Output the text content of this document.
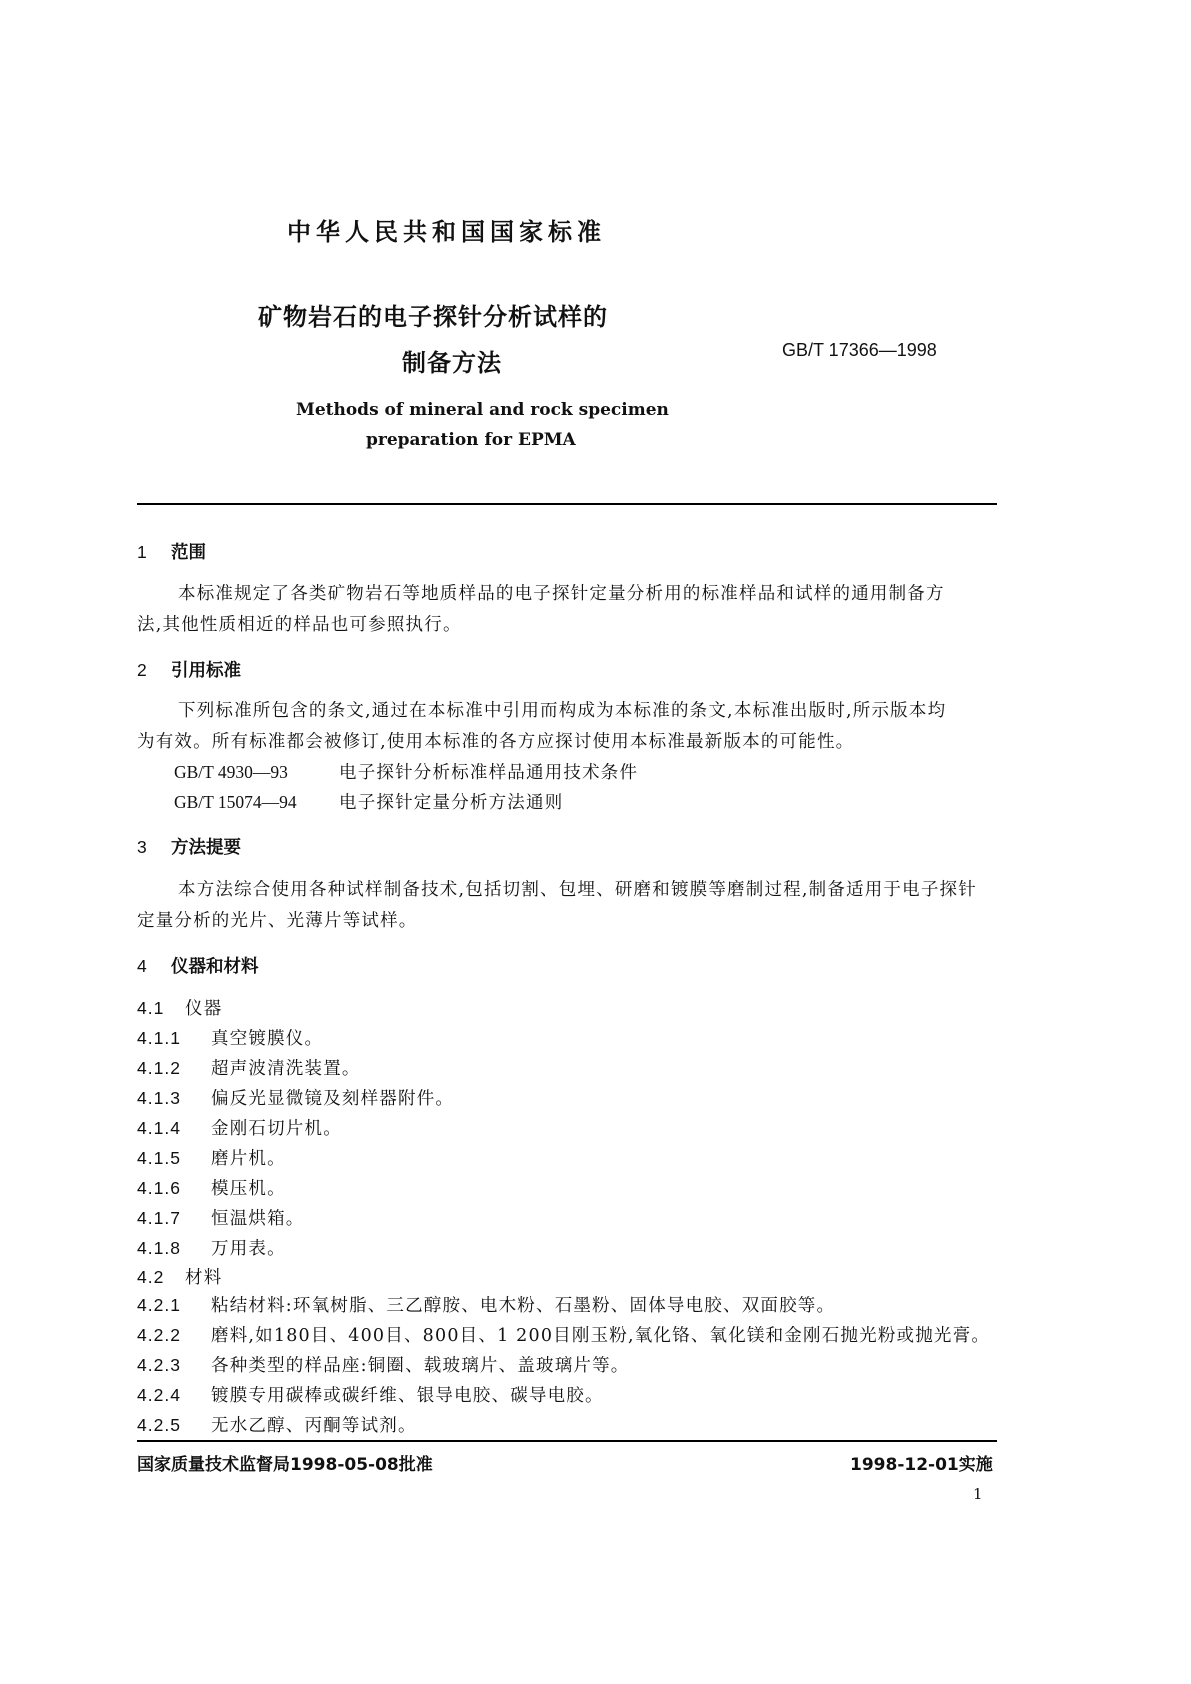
中华人民共和国国家标准
矿物岩石的电子探针分析试样的
制备方法	GB/T 17366—1998
Methods of mineral and rock specimen
preparation for EPMA
1 范围
本标准规定了各类矿物岩石等地质样品的电子探针定量分析用的标准样品和试样的通用制备方
法,其他性质相近的样品也可参照执行。
2 引用标准
下列标准所包含的条文,通过在本标准中引用而构成为本标准的条文,本标准出版时,所示版本均
为有效。所有标准都会被修订,使用本标准的各方应探讨使用本标准最新版本的可能性。
GB/T 4930—93	电子探针分析标准样品通用技术条件
GB/T 15074—94 电子探针定量分析方法通则
3 方法提要
本方法综合使用各种试样制备技术,包括切割、包埋、研磨和镀膜等磨制过程,制备适用于电子探针
定量分析的光片、光薄片等试样。
4 仪器和材料
4.1 仪器
4.1.1 真空镀膜仪。
4.1.2 超声波清洗装置。
4.1.3 偏反光显微镜及刻样器附件。
4.1.4 金刚石切片机。
4.1.5 磨片机。
4.1.6 模压机。
4.1.7 恒温烘箱。
4.1.8 万用表。
4.2 材料
4.2.1 粘结材料:环氧树脂、三乙醇胺、电木粉、石墨粉、固体导电胶、双面胶等。
4.2.2 磨料,如180目、400目、800目、1 200目刚玉粉,氧化铬、氧化镁和金刚石抛光粉或抛光膏。
4.2.3 各种类型的样品座:铜圈、载玻璃片、盖玻璃片等。
4.2.4 镀膜专用碳棒或碳纤维、银导电胶、碳导电胶。
4.2.5 无水乙醇、丙酮等试剂。
国家质量技术监督局1998-05-08批准	1998-12-01实施
1
